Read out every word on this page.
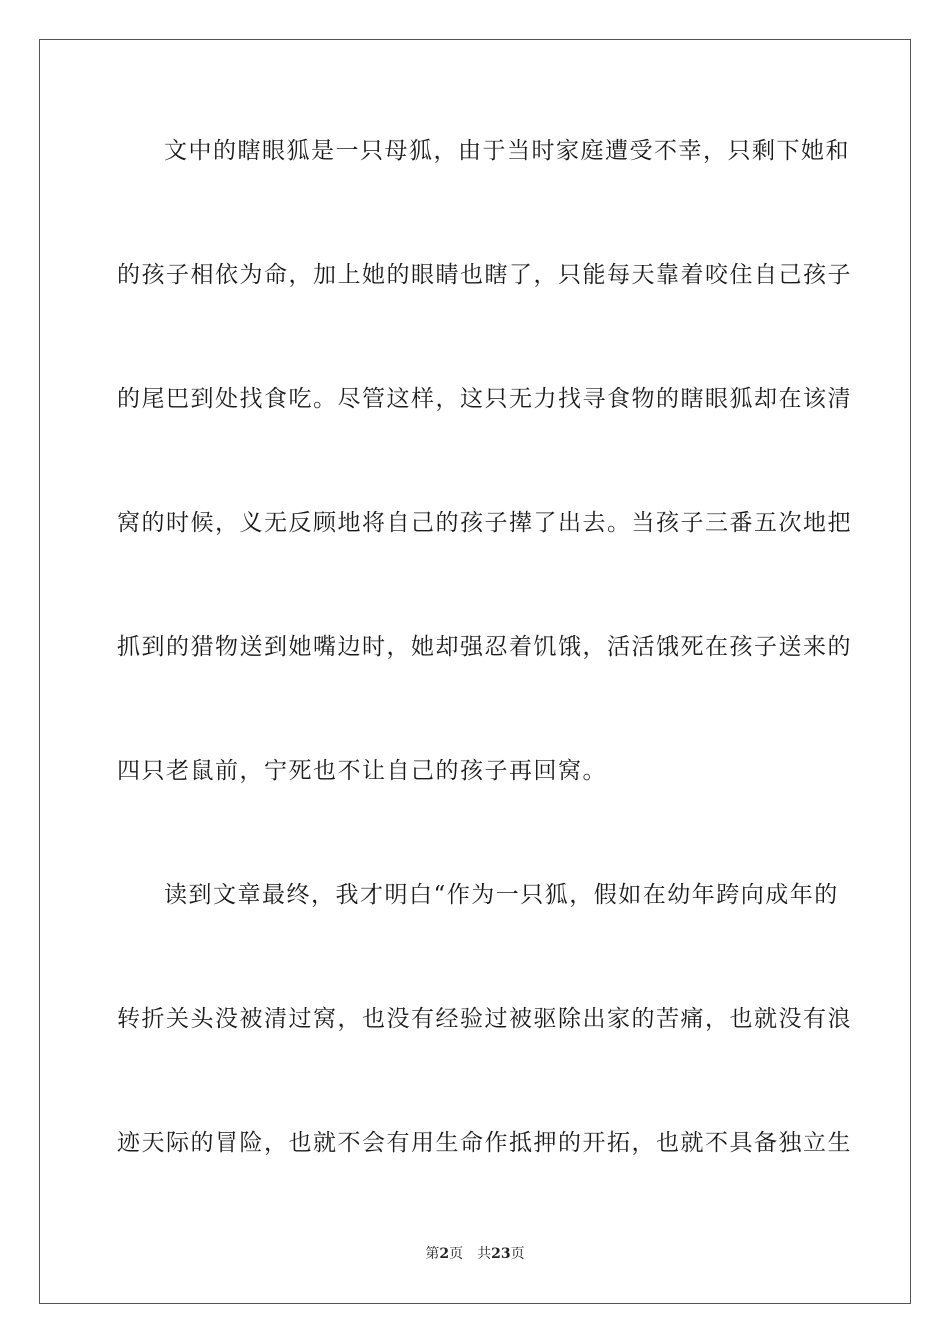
文中的瞎眼狐是一只母狐，由于当时家庭遭受不幸，只剩下她和
的孩子相依为命，加上她的眼睛也瞎了，只能每天靠着咬住自己孩子
的尾巴到处找食吃。尽管这样，这只无力找寻食物的瞎眼狐却在该清
窝的时候，义无反顾地将自己的孩子撵了出去。当孩子三番五次地把
抓到的猎物送到她嘴边时，她却强忍着饥饿，活活饿死在孩子送来的
四只老鼠前，宁死也不让自己的孩子再回窝。
读到文章最终，我才明白“作为一只狐，假如在幼年跨向成年的
转折关头没被清过窝，也没有经验过被驱除出家的苦痛，也就没有浪
迹天际的冒险，也就不会有用生命作抵押的开拓，也就不具备独立生
第2页 共23页
